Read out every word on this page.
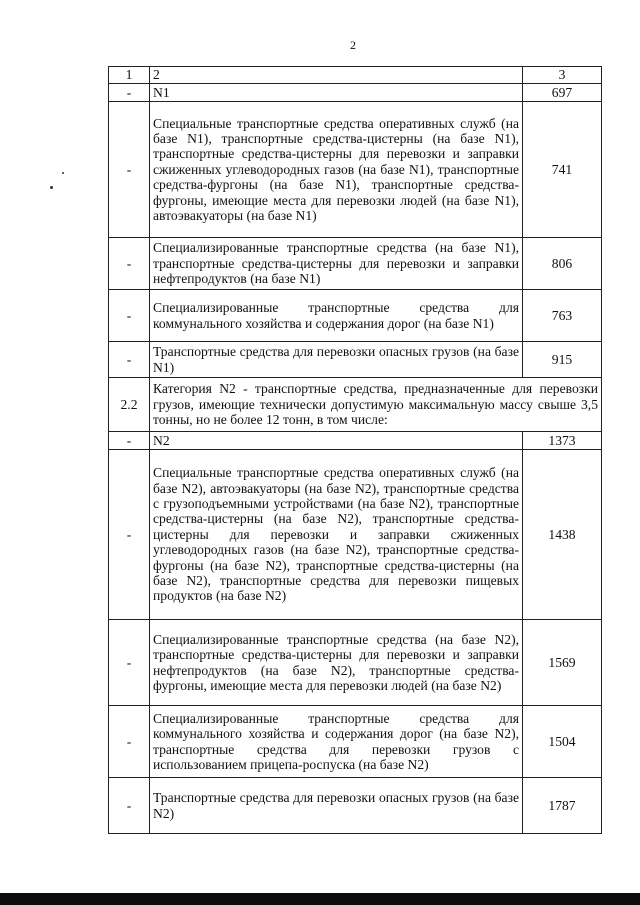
2
1	2	3
-	N1	697
-	Специальные транспортные средства оперативных служб (на базе N1), транспортные средства-цистерны (на базе N1), транспортные средства-цистерны для перевозки и заправки сжиженных углеводородных газов (на базе N1), транспортные средства-фургоны (на базе N1), транспортные средства-фургоны, имеющие места для перевозки людей (на базе N1), автоэвакуаторы (на базе N1)	741
-	Специализированные транспортные средства (на базе N1), транспортные средства-цистерны для перевозки и заправки нефтепродуктов (на базе N1)	806
-	Специализированные транспортные средства для коммунального хозяйства и содержания дорог (на базе N1)	763
-	Транспортные средства для перевозки опасных грузов (на базе N1)	915
2.2	Категория N2 - транспортные средства, предназначенные для перевозки грузов, имеющие технически допустимую максимальную массу свыше 3,5 тонны, но не более 12 тонн, в том числе:	
-	N2	1373
-	Специальные транспортные средства оперативных служб (на базе N2), автоэвакуаторы (на базе N2), транспортные средства с грузоподъемными устройствами (на базе N2), транспортные средства-цистерны (на базе N2), транспортные средства-цистерны для перевозки и заправки сжиженных углеводородных газов (на базе N2), транспортные средства-фургоны (на базе N2), транспортные средства-цистерны (на базе N2), транспортные средства для перевозки пищевых продуктов (на базе N2)	1438
-	Специализированные транспортные средства (на базе N2), транспортные средства-цистерны для перевозки и заправки нефтепродуктов (на базе N2), транспортные средства-фургоны, имеющие места для перевозки людей (на базе N2)	1569
-	Специализированные транспортные средства для коммунального хозяйства и содержания дорог (на базе N2), транспортные средства для перевозки грузов с использованием прицепа-роспуска (на базе N2)	1504
-	Транспортные средства для перевозки опасных грузов (на базе N2)	1787
